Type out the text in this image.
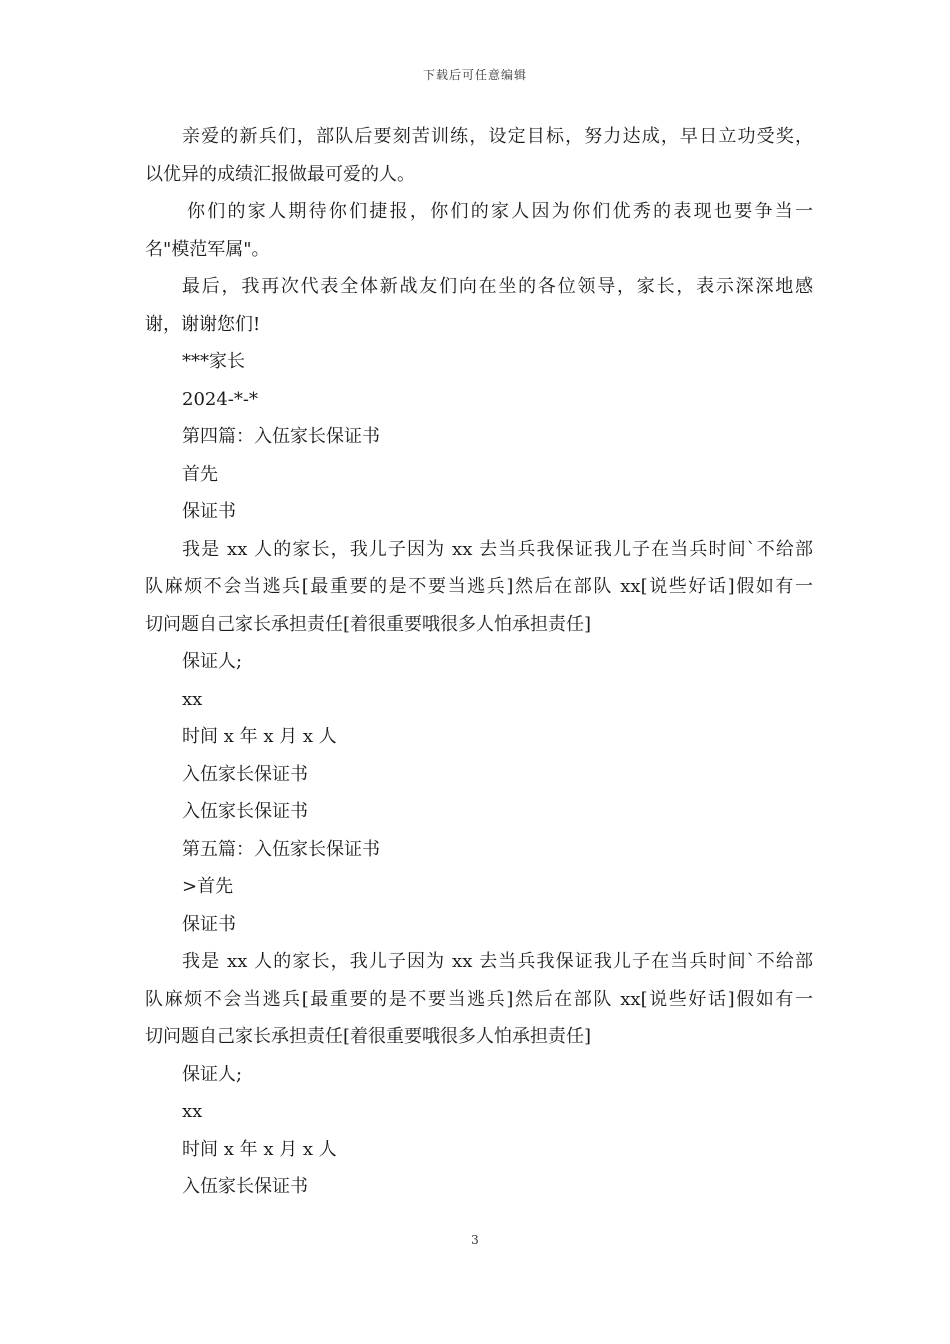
下载后可任意编辑
亲爱的新兵们，部队后要刻苦训练，设定目标，努力达成，早日立功受奖，
以优异的成绩汇报做最可爱的人。
你们的家人期待你们捷报，你们的家人因为你们优秀的表现也要争当一
名"模范军属"。
最后，我再次代表全体新战友们向在坐的各位领导，家长，表示深深地感
谢，谢谢您们!
***家长
2024-*-*
第四篇：入伍家长保证书
首先
保证书
我是 xx 人的家长，我儿子因为 xx 去当兵我保证我儿子在当兵时间`不给部
队麻烦不会当逃兵[最重要的是不要当逃兵]然后在部队 xx[说些好话]假如有一
切问题自己家长承担责任[着很重要哦很多人怕承担责任]
保证人;
xx
时间 x 年 x 月 x 人
入伍家长保证书
入伍家长保证书
第五篇：入伍家长保证书
>首先
保证书
我是 xx 人的家长，我儿子因为 xx 去当兵我保证我儿子在当兵时间`不给部
队麻烦不会当逃兵[最重要的是不要当逃兵]然后在部队 xx[说些好话]假如有一
切问题自己家长承担责任[着很重要哦很多人怕承担责任]
保证人;
xx
时间 x 年 x 月 x 人
入伍家长保证书
3
